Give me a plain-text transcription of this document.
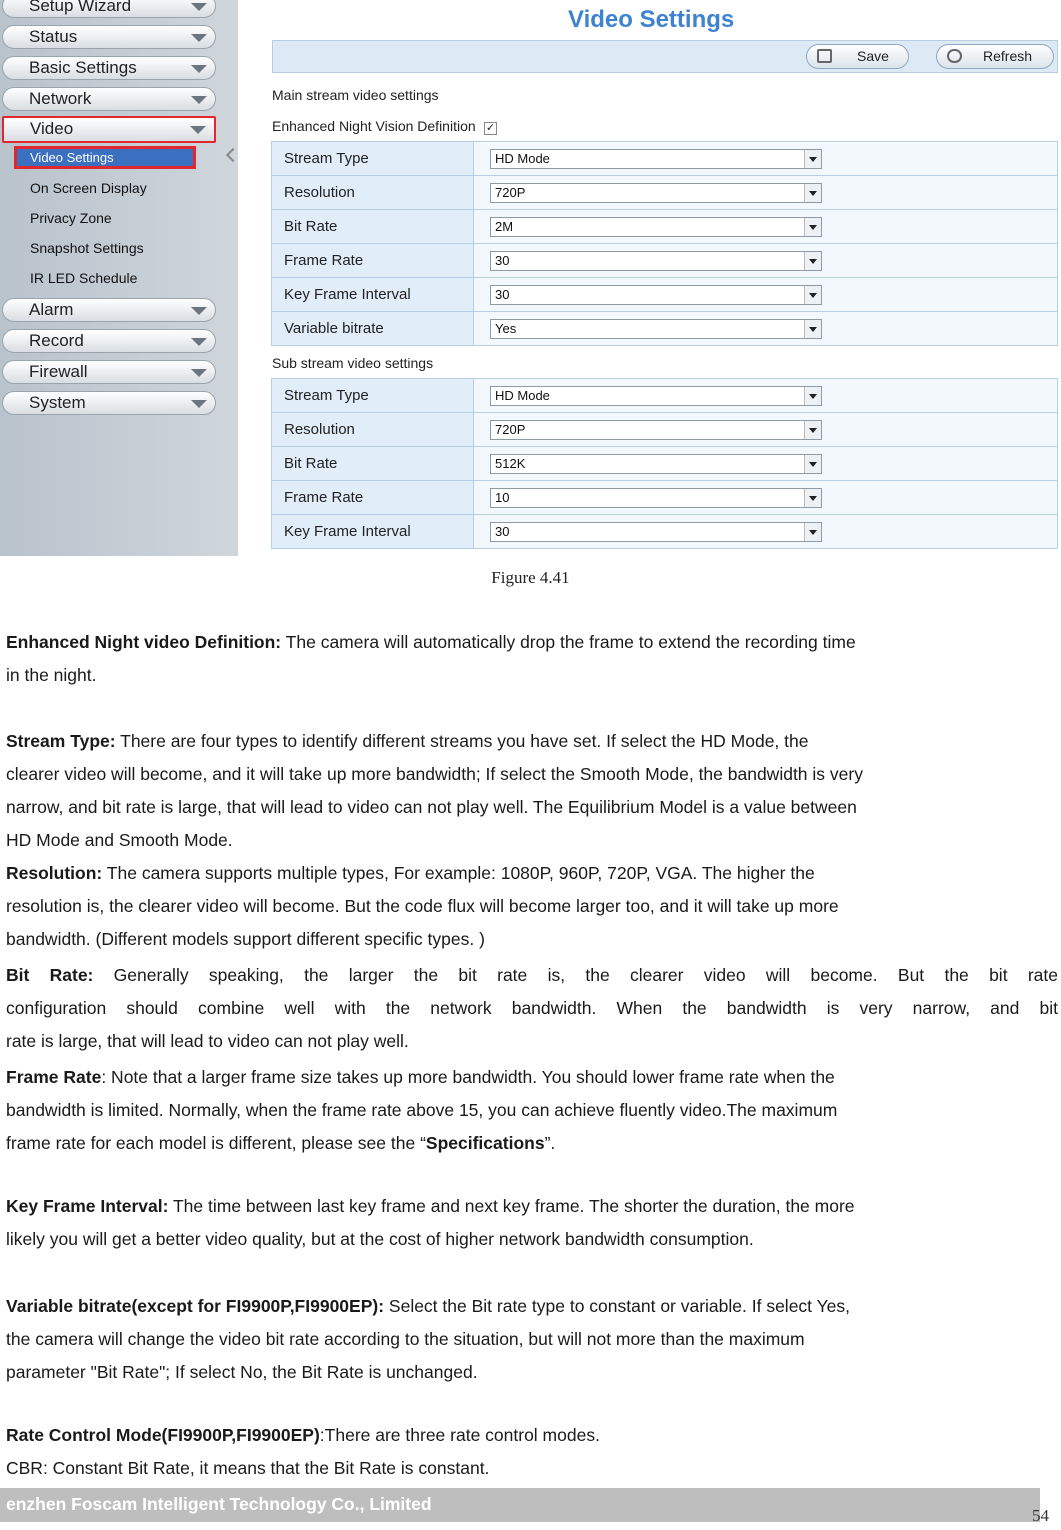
Setup Wizard
Status
Basic Settings
Network
Video
Video Settings
On Screen Display
Privacy Zone
Snapshot Settings
IR LED Schedule
Alarm
Record
Firewall
System
Video Settings
Save	Refresh
Main stream video settings
Enhanced Night Vision Definition ✓
Stream Type	HD Mode

Resolution	720P

Bit Rate	2M

Frame Rate	30

Key Frame Interval	30

Variable bitrate	Yes
Sub stream video settings
Stream Type	HD Mode

Resolution	720P

Bit Rate	512K

Frame Rate	10

Key Frame Interval	30
Figure 4.41
Enhanced Night video Definition: The camera will automatically drop the frame to extend the recording time
in the night.
Stream Type: There are four types to identify different streams you have set. If select the HD Mode, the
clearer video will become, and it will take up more bandwidth; If select the Smooth Mode, the bandwidth is very
narrow, and bit rate is large, that will lead to video can not play well. The Equilibrium Model is a value between
HD Mode and Smooth Mode.
Resolution: The camera supports multiple types, For example: 1080P, 960P, 720P, VGA. The higher the
resolution is, the clearer video will become. But the code flux will become larger too, and it will take up more
bandwidth. (Different models support different specific types. )
Bit Rate: Generally speaking, the larger the bit rate is, the clearer video will become. But the bit rate
configuration should combine well with the network bandwidth. When the bandwidth is very narrow, and bit
rate is large, that will lead to video can not play well.
Frame Rate: Note that a larger frame size takes up more bandwidth. You should lower frame rate when the
bandwidth is limited. Normally, when the frame rate above 15, you can achieve fluently video.The maximum
frame rate for each model is different, please see the “Specifications”.
Key Frame Interval: The time between last key frame and next key frame. The shorter the duration, the more
likely you will get a better video quality, but at the cost of higher network bandwidth consumption.
Variable bitrate(except for FI9900P,FI9900EP): Select the Bit rate type to constant or variable. If select Yes,
the camera will change the video bit rate according to the situation, but will not more than the maximum
parameter "Bit Rate"; If select No, the Bit Rate is unchanged.
Rate Control Mode(FI9900P,FI9900EP):There are three rate control modes.
CBR: Constant Bit Rate, it means that the Bit Rate is constant.
enzhen Foscam Intelligent Technology Co., Limited
54
